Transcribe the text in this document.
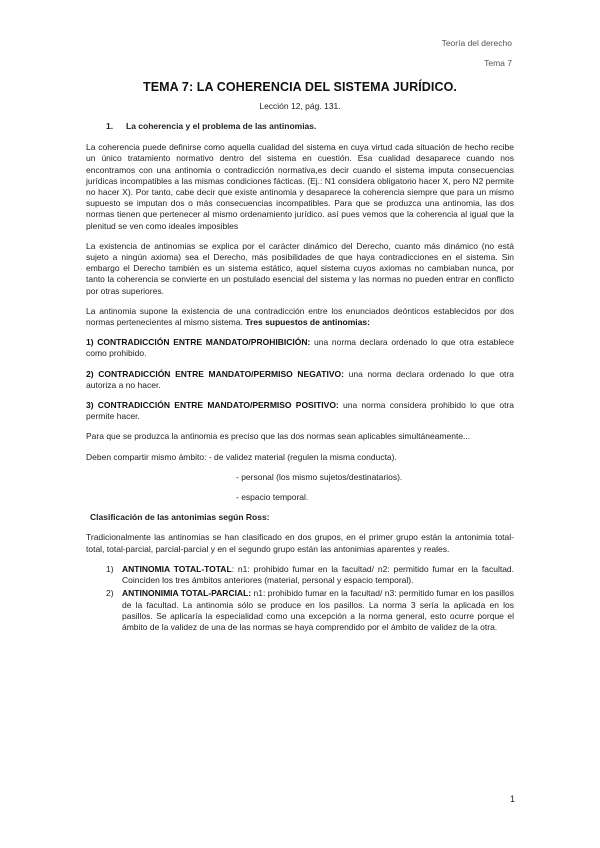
Teoría del derecho
Tema 7
TEMA 7: LA COHERENCIA DEL SISTEMA JURÍDICO.
Lección 12, pág. 131.
1. La coherencia y el problema de las antinomias.

La coherencia puede definirse como aquella cualidad del sistema en cuya virtud cada situación de hecho recibe un único tratamiento normativo dentro del sistema en cuestión. Esa cualidad desaparece cuando nos encontramos con una antinomia o contradicción normativa,es decir cuando el sistema imputa consecuencias jurídicas incompatibles a las mismas condiciones fácticas. (Ej.: N1 considera obligatorio hacer X, pero N2 permite no hacer X). Por tanto, cabe decir que existe antinomia y desaparece la coherencia siempre que para un mismo supuesto se imputan dos o más consecuencias incompatibles. Para que se produzca una antinomia, las dos normas tienen que pertenecer al mismo ordenamiento jurídico. así pues vemos que la coherencia al igual que la plenitud se ven como ideales imposibles

La existencia de antinomias se explica por el carácter dinámico del Derecho, cuanto más dinámico (no está sujeto a ningún axioma) sea el Derecho, más posibilidades de que haya contradicciones en el sistema. Sin embargo el Derecho también es un sistema estático, aquel sistema cuyos axiomas no cambiaban nunca, por tanto la coherencia se convierte en un postulado esencial del sistema y las normas no pueden entrar en conflicto por otras superiores.

La antinomia supone la existencia de una contradicción entre los enunciados deónticos establecidos por dos normas pertenecientes al mismo sistema. Tres supuestos de antinomias:

1) CONTRADICCIÓN ENTRE MANDATO/PROHIBICIÓN: una norma declara ordenado lo que otra establece como prohibido.

2) CONTRADICCIÓN ENTRE MANDATO/PERMISO NEGATIVO: una norma declara ordenado lo que otra autoriza a no hacer.

3) CONTRADICCIÓN ENTRE MANDATO/PERMISO POSITIVO: una norma considera prohibido lo que otra permite hacer.

Para que se produzca la antinomia es preciso que las dos normas sean aplicables simultáneamente...

Deben compartir mismo ámbito: - de validez material (regulen la misma conducta).

- personal (los mismo sujetos/destinatarios).
- espacio temporal.
Clasificación de las antonimias según Ross:

Tradicionalmente las antinomias se han clasificado en dos grupos, en el primer grupo están la antonimia total-total, total-parcial, parcial-parcial y en el segundo grupo están las antonimias aparentes y reales.

1) ANTINOMIA TOTAL-TOTAL: n1: prohibido fumar en la facultad/ n2: permitido fumar en la facultad. Coinciden los tres ámbitos anteriores (material, personal y espacio temporal).
2) ANTINONIMIA TOTAL-PARCIAL: n1: prohibido fumar en la facultad/ n3: permitido fumar en los pasillos de la facultad. La antinomia sólo se produce en los pasillos. La norma 3 sería la aplicada en los pasillos. Se aplicaría la especialidad como una excepción a la norma general, esto ocurre porque el ámbito de la validez de una de las normas se haya comprendido por el ámbito de validez de la otra.
1
